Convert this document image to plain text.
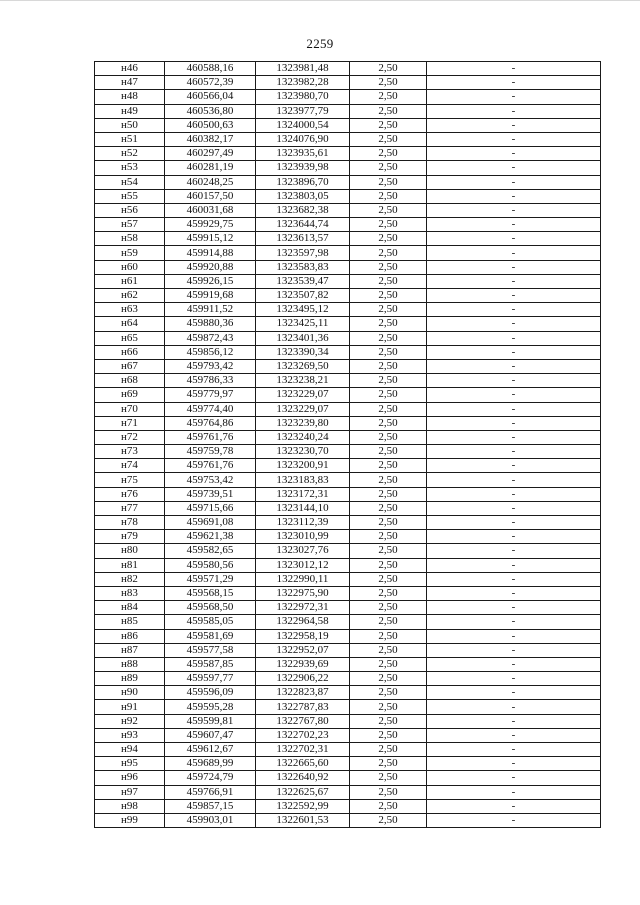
2259
н46	460588,16	1323981,48	2,50	-
н47	460572,39	1323982,28	2,50	-
н48	460566,04	1323980,70	2,50	-
н49	460536,80	1323977,79	2,50	-
н50	460500,63	1324000,54	2,50	-
н51	460382,17	1324076,90	2,50	-
н52	460297,49	1323935,61	2,50	-
н53	460281,19	1323939,98	2,50	-
н54	460248,25	1323896,70	2,50	-
н55	460157,50	1323803,05	2,50	-
н56	460031,68	1323682,38	2,50	-
н57	459929,75	1323644,74	2,50	-
н58	459915,12	1323613,57	2,50	-
н59	459914,88	1323597,98	2,50	-
н60	459920,88	1323583,83	2,50	-
н61	459926,15	1323539,47	2,50	-
н62	459919,68	1323507,82	2,50	-
н63	459911,52	1323495,12	2,50	-
н64	459880,36	1323425,11	2,50	-
н65	459872,43	1323401,36	2,50	-
н66	459856,12	1323390,34	2,50	-
н67	459793,42	1323269,50	2,50	-
н68	459786,33	1323238,21	2,50	-
н69	459779,97	1323229,07	2,50	-
н70	459774,40	1323229,07	2,50	-
н71	459764,86	1323239,80	2,50	-
н72	459761,76	1323240,24	2,50	-
н73	459759,78	1323230,70	2,50	-
н74	459761,76	1323200,91	2,50	-
н75	459753,42	1323183,83	2,50	-
н76	459739,51	1323172,31	2,50	-
н77	459715,66	1323144,10	2,50	-
н78	459691,08	1323112,39	2,50	-
н79	459621,38	1323010,99	2,50	-
н80	459582,65	1323027,76	2,50	-
н81	459580,56	1323012,12	2,50	-
н82	459571,29	1322990,11	2,50	-
н83	459568,15	1322975,90	2,50	-
н84	459568,50	1322972,31	2,50	-
н85	459585,05	1322964,58	2,50	-
н86	459581,69	1322958,19	2,50	-
н87	459577,58	1322952,07	2,50	-
н88	459587,85	1322939,69	2,50	-
н89	459597,77	1322906,22	2,50	-
н90	459596,09	1322823,87	2,50	-
н91	459595,28	1322787,83	2,50	-
н92	459599,81	1322767,80	2,50	-
н93	459607,47	1322702,23	2,50	-
н94	459612,67	1322702,31	2,50	-
н95	459689,99	1322665,60	2,50	-
н96	459724,79	1322640,92	2,50	-
н97	459766,91	1322625,67	2,50	-
н98	459857,15	1322592,99	2,50	-
н99	459903,01	1322601,53	2,50	-
